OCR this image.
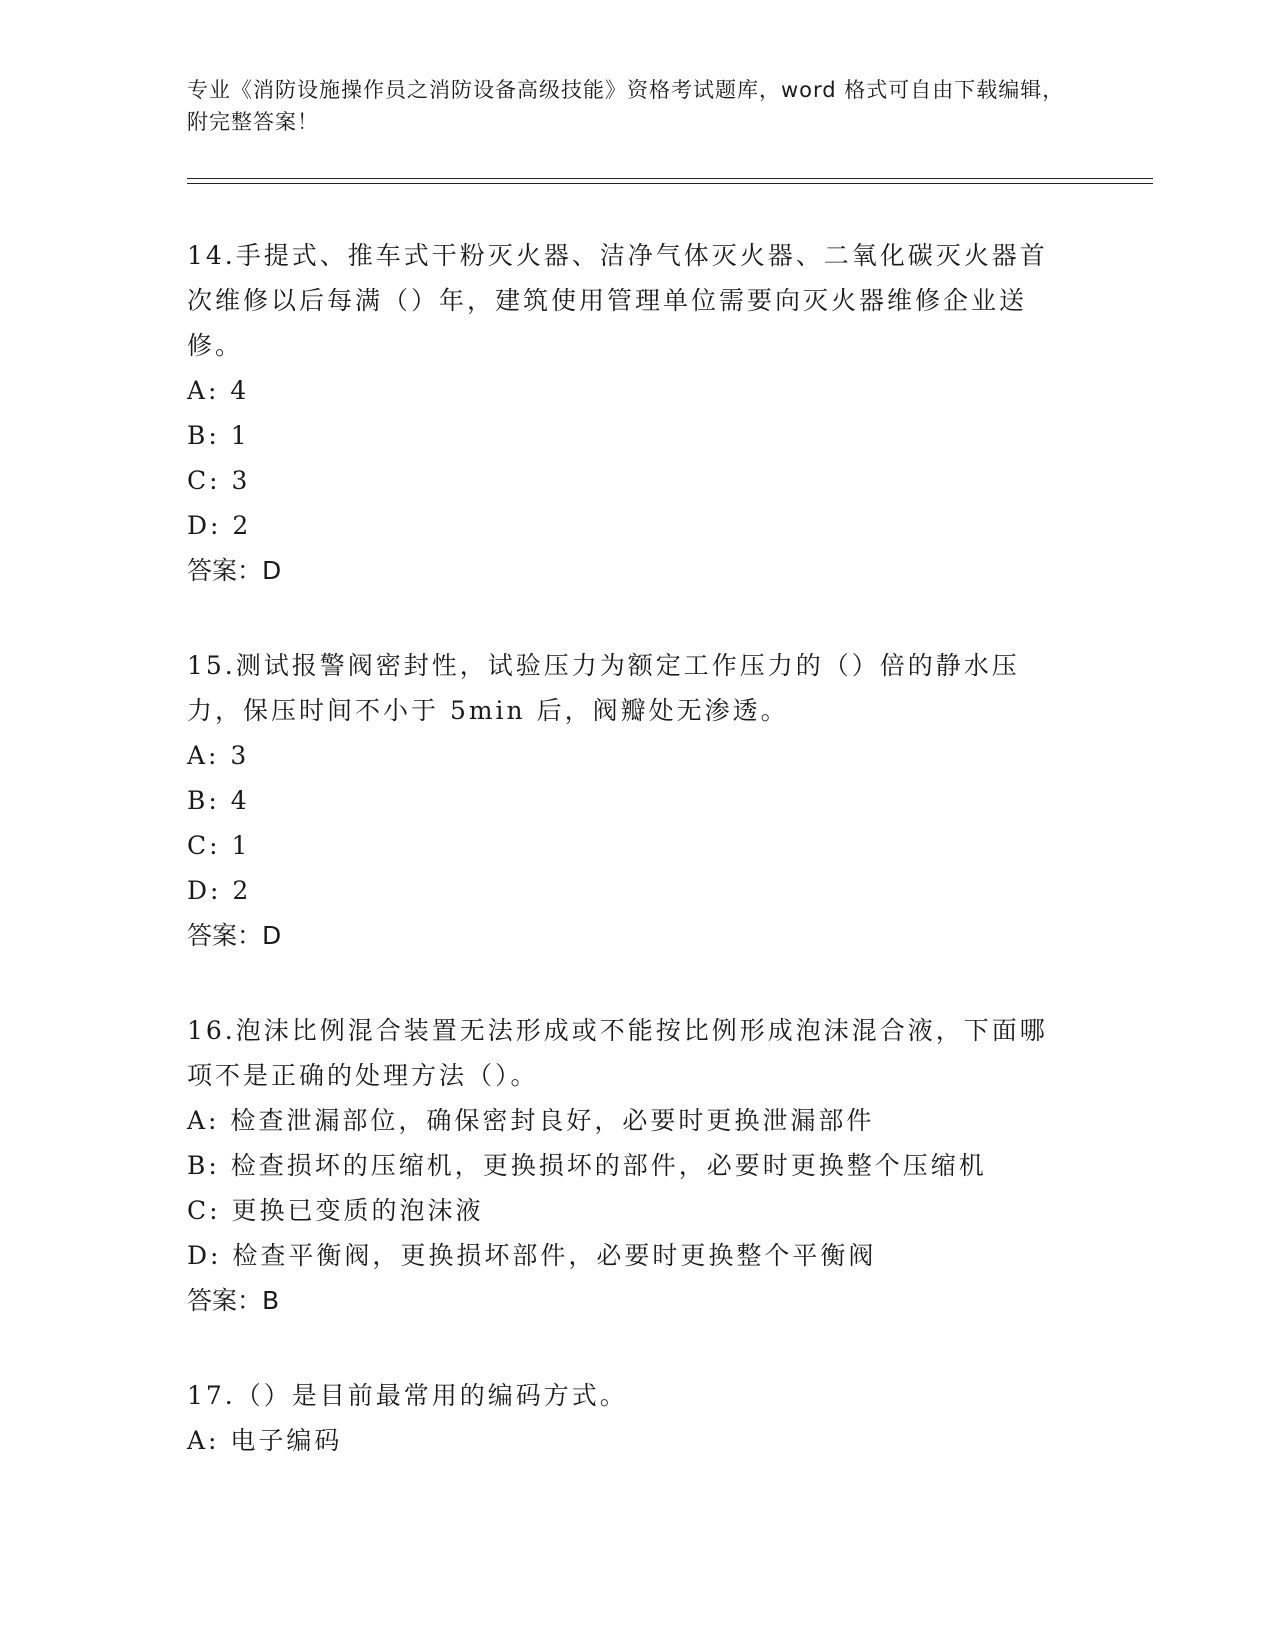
专业《消防设施操作员之消防设备高级技能》资格考试题库，word 格式可自由下载编辑，附完整答案！

14.手提式、推车式干粉灭火器、洁净气体灭火器、二氧化碳灭火器首次维修以后每满（）年，建筑使用管理单位需要向灭火器维修企业送修。

A: 4

B: 1

C: 3

D: 2

答案：D

15.测试报警阀密封性，试验压力为额定工作压力的（）倍的静水压力，保压时间不小于 5min 后，阀瓣处无渗透。

A: 3

B: 4

C: 1

D: 2

答案：D

16.泡沫比例混合装置无法形成或不能按比例形成泡沫混合液，下面哪项不是正确的处理方法（）。

A: 检查泄漏部位，确保密封良好，必要时更换泄漏部件

B: 检查损坏的压缩机，更换损坏的部件，必要时更换整个压缩机

C: 更换已变质的泡沫液

D: 检查平衡阀，更换损坏部件，必要时更换整个平衡阀

答案：B

17.（）是目前最常用的编码方式。

A: 电子编码
